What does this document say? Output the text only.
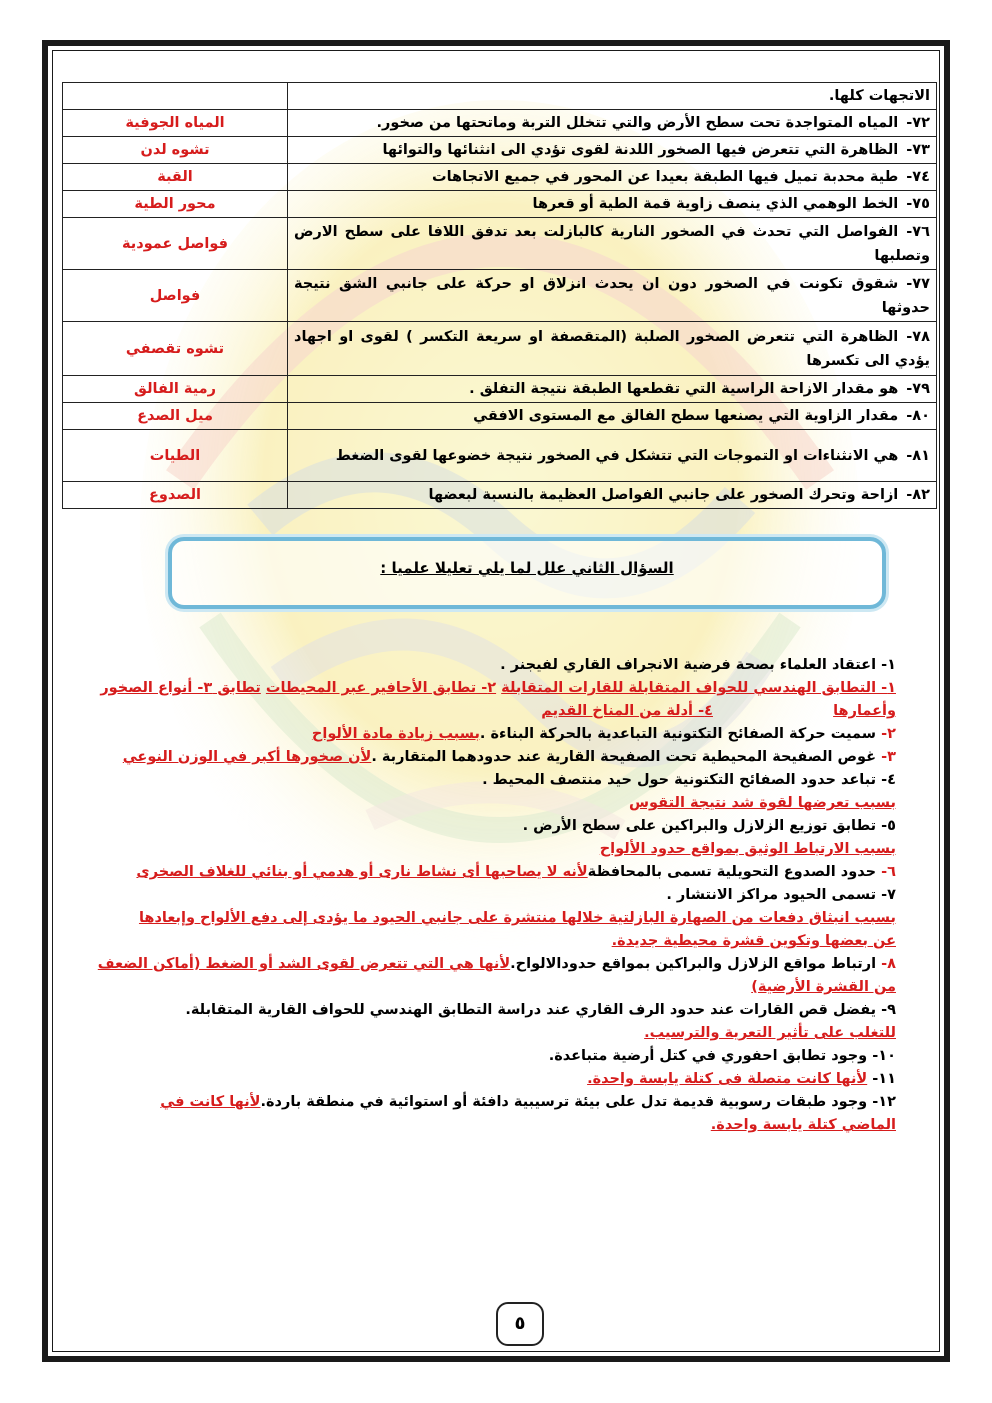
الاتجهات كلها.	
٧٢-المياه المتواجدة تحت سطح الأرض والتي تتخلل التربة وماتحتها من صخور.	المياه الجوفية
٧٣-الظاهرة التي تتعرض فيها الصخور اللدنة لقوى تؤدي الى انثنائها والتوائها	تشوه لدن
٧٤-طية محدبة تميل فيها الطبقة بعيدا عن المحور في جميع الاتجاهات	القبة
٧٥-الخط الوهمي الذي ينصف زاوية قمة الطية أو قعرها	محور الطية
٧٦-الفواصل التي تحدث في الصخور النارية كالبازلت بعد تدفق اللافا على سطح الارض وتصلبها	فواصل عمودية
٧٧-شقوق تكونت في الصخور دون ان يحدث انزلاق او حركة على جانبي الشق نتيجة حدوثها	فواصل
٧٨-الظاهرة التي تتعرض الصخور الصلبة (المتقصفة او سريعة التكسر ) لقوى او اجهاد يؤدي الى تكسرها	تشوه تقصفي
٧٩-هو مقدار الازاحة الراسية التي تقطعها الطبقة نتيجة التفلق .	رمية الفالق
٨٠-مقدار الزاوية التي يصنعها سطح الفالق مع المستوى الافقي	ميل الصدع
٨١-هي الانثناءات او التموجات التي تتشكل في الصخور نتيجة خضوعها لقوى الضغط	الطيات
٨٢-ازاحة وتحرك الصخور على جانبي الفواصل العظيمة بالنسبة لبعضها	الصدوع
السؤال الثاني علل لما يلي تعليلا علميا :

١- اعتقاد العلماء بصحة فرضية الانجراف القاري لفيجنر .

١- التطابق الهندسي للحواف المتقابلة للقارات المتقابلة ٢- تطابق الأحافير عبر المحيطات تطابق ٣- أنواع الصخور وأعمارها  ٤- أدلة من المناخ القديم

٢- سميت حركة الصفائح التكتونية التباعدية بالحركة البناءة .بسبب زيادة مادة الألواح

٣- غوص الصفيحة المحيطية تحت الصفيحة القارية عند حدودهما المتقاربة .لأن صخورها أكبر في الوزن النوعي

٤- تباعد حدود الصفائح التكتونية حول حيد منتصف المحيط .

بسبب تعرضها لقوة شد نتيجة التقوس

٥- تطابق توزيع الزلازل والبراكين على سطح الأرض .

بسبب الارتباط الوثيق بمواقع حدود الألواح

٦- حدود الصدوع التحويلية تسمى بالمحافظةلأنه لا يصاحبها أى نشاط نارى أو هدمي أو بنائي للغلاف الصخرى

٧- تسمى الحيود مراكز الانتشار .

بسبب انبثاق دفعات من الصهارة البازلتية خلالها منتشرة على جانبي الحيود ما يؤدى إلى دفع الألواح وإبعادها

عن بعضها وتكوين قشرة محيطية جديدة.

٨- ارتباط مواقع الزلازل والبراكين بمواقع حدودالالواح.لأنها هي التي تتعرض لقوى الشد أو الضغط (أماكن الضعف

من القشرة الأرضية)

٩- يفضل قص القارات عند حدود الرف القاري عند دراسة التطابق الهندسي للحواف القارية المتقابلة.

للتغلب على تأثير التعرية والترسيب.

١٠- وجود تطابق احفوري في كتل أرضية متباعدة.

١١- لأنها كانت متصلة فى كتلة يابسة واحدة.

١٢- وجود طبقات رسوبية قديمة تدل على بيئة ترسيبية دافئة أو استوائية في منطقة باردة.لأنها كانت في

الماضي كتلة يابسة واحدة.

٥
